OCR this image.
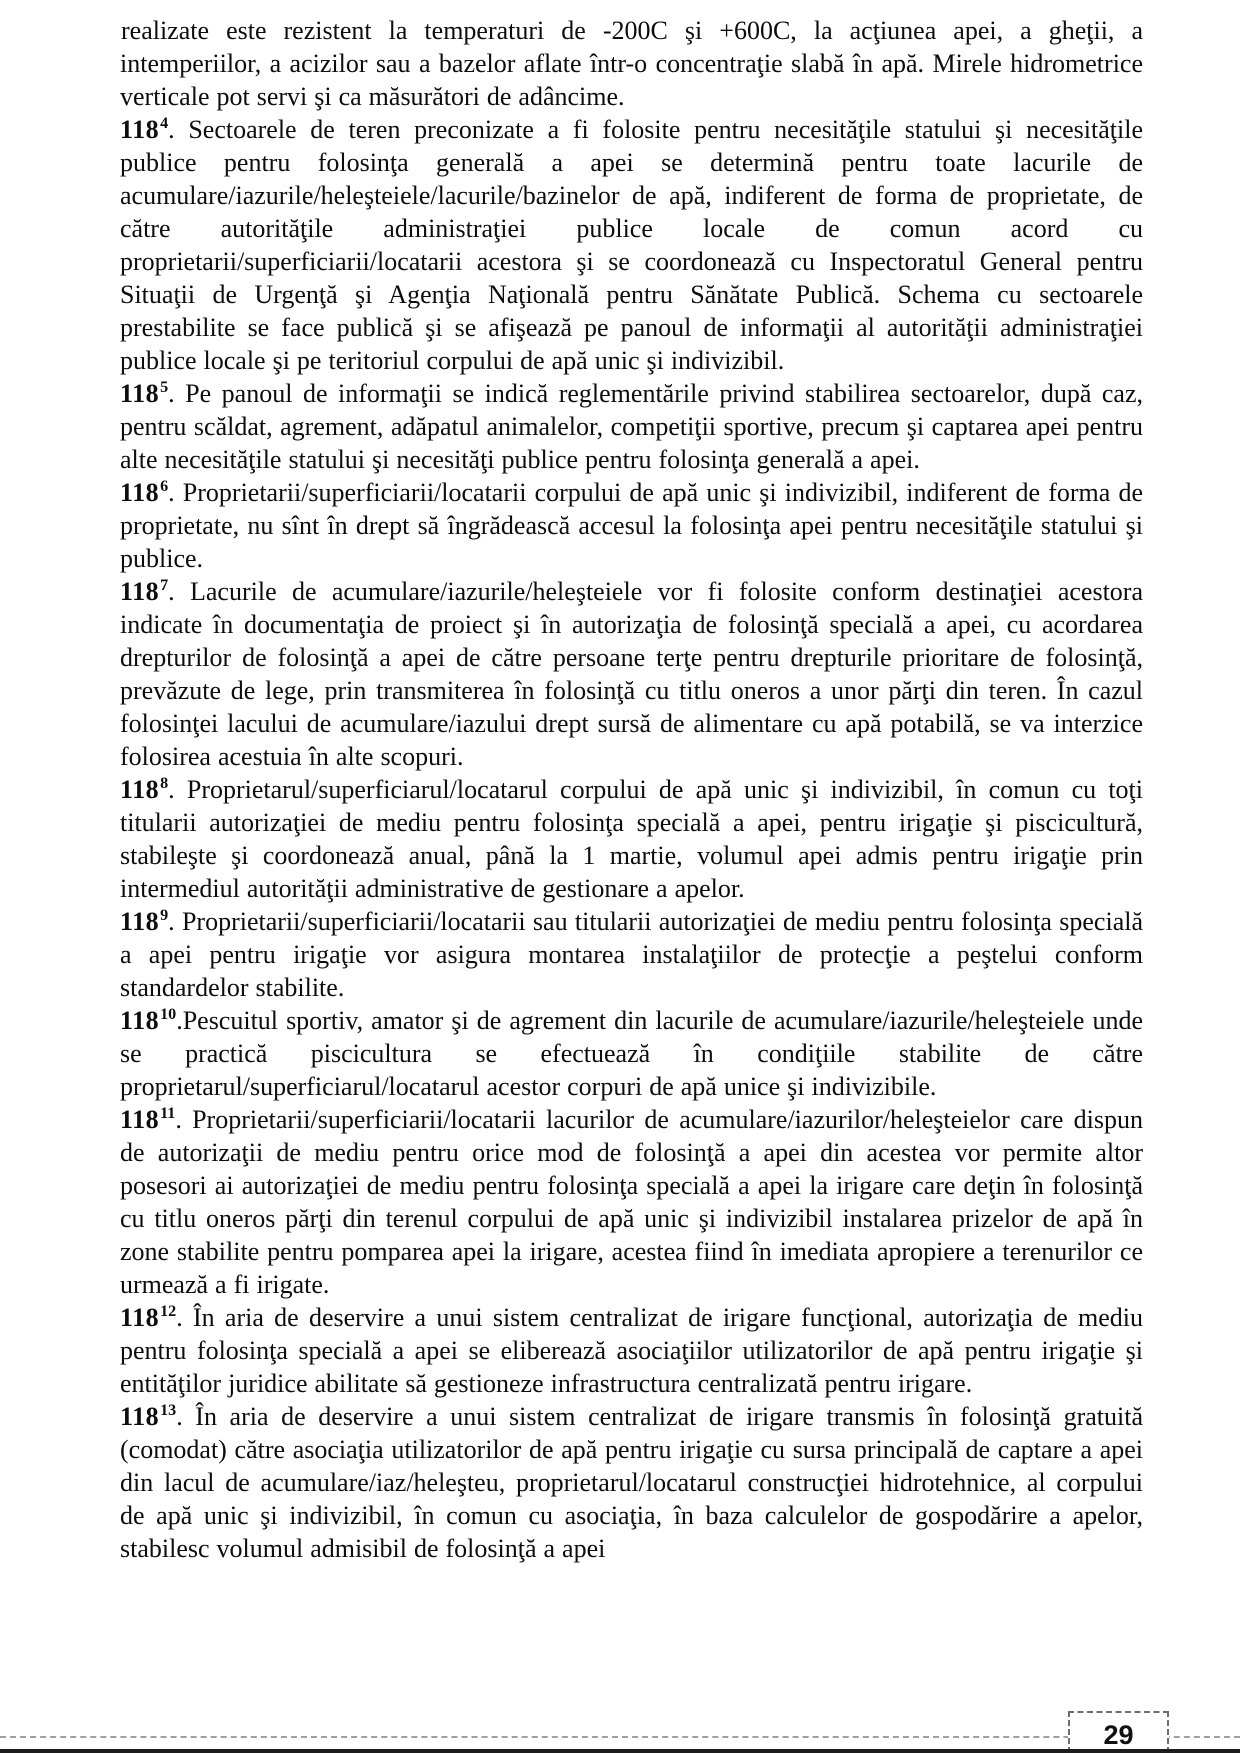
realizate este rezistent la temperaturi de -200C şi +600C, la acţiunea apei, a gheţii, a intemperiilor, a acizilor sau a bazelor aflate într-o concentraţie slabă în apă. Mirele hidrometrice verticale pot servi şi ca măsurători de adâncime.

$118^4$. Sectoarele de teren preconizate a fi folosite pentru necesităţile statului şi necesităţile publice pentru folosinţa generală a apei se determină pentru toate lacurile de acumulare/iazurile/heleşteiele/lacurile/bazinelor de apă, indiferent de forma de proprietate, de către autorităţile administraţiei publice locale de comun acord cu proprietarii/superficiarii/locatarii acestora şi se coordonează cu Inspectoratul General pentru Situaţii de Urgenţă şi Agenţia Naţională pentru Sănătate Publică. Schema cu sectoarele prestabilite se face publică şi se afişează pe panoul de informaţii al autorităţii administraţiei publice locale şi pe teritoriul corpului de apă unic şi indivizibil.

$118^5$. Pe panoul de informaţii se indică reglementările privind stabilirea sectoarelor, după caz, pentru scăldat, agrement, adăpatul animalelor, competiţii sportive, precum şi captarea apei pentru alte necesităţile statului şi necesităţi publice pentru folosinţa generală a apei.

$118^6$. Proprietarii/superficiarii/locatarii corpului de apă unic şi indivizibil, indiferent de forma de proprietate, nu sînt în drept să îngrădească accesul la folosinţa apei pentru necesităţile statului şi publice.

$118^7$. Lacurile de acumulare/iazurile/heleşteiele vor fi folosite conform destinaţiei acestora indicate în documentaţia de proiect şi în autorizaţia de folosinţă specială a apei, cu acordarea drepturilor de folosinţă a apei de către persoane terţe pentru drepturile prioritare de folosinţă, prevăzute de lege, prin transmiterea în folosinţă cu titlu oneros a unor părţi din teren. În cazul folosinţei lacului de acumulare/iazului drept sursă de alimentare cu apă potabilă, se va interzice folosirea acestuia în alte scopuri.

$118^8$. Proprietarul/superficiarul/locatarul corpului de apă unic şi indivizibil, în comun cu toţi titularii autorizaţiei de mediu pentru folosinţa specială a apei, pentru irigaţie şi piscicultură, stabileşte şi coordonează anual, până la 1 martie, volumul apei admis pentru irigaţie prin intermediul autorităţii administrative de gestionare a apelor.

$118^9$. Proprietarii/superficiarii/locatarii sau titularii autorizaţiei de mediu pentru folosinţa specială a apei pentru irigaţie vor asigura montarea instalaţiilor de protecţie a peştelui conform standardelor stabilite.

$118^{10}.Pescuitul$ sportiv, amator şi de agrement din lacurile de acumulare/iazurile/heleşteiele unde se practică piscicultura se efectuează în condiţiile stabilite de către proprietarul/superficiarul/locatarul acestor corpuri de apă unice şi indivizibile.

$118^{11}$. Proprietarii/superficiarii/locatarii lacurilor de acumulare/iazurilor/heleşteielor care dispun de autorizaţii de mediu pentru orice mod de folosinţă a apei din acestea vor permite altor posesori ai autorizaţiei de mediu pentru folosinţa specială a apei la irigare care deţin în folosinţă cu titlu oneros părţi din terenul corpului de apă unic şi indivizibil instalarea prizelor de apă în zone stabilite pentru pomparea apei la irigare, acestea fiind în imediata apropiere a terenurilor ce urmează a fi irigate.

$118^{12}$. În aria de deservire a unui sistem centralizat de irigare funcţional, autorizaţia de mediu pentru folosinţa specială a apei se eliberează asociaţiilor utilizatorilor de apă pentru irigaţie şi entităţilor juridice abilitate să gestioneze infrastructura centralizată pentru irigare.

$118^{13}$. În aria de deservire a unui sistem centralizat de irigare transmis în folosinţă gratuită (comodat) către asociaţia utilizatorilor de apă pentru irigaţie cu sursa principală de captare a apei din lacul de acumulare/iaz/heleşteu, proprietarul/locatarul construcţiei hidrotehnice, al corpului de apă unic şi indivizibil, în comun cu asociaţia, în baza calculelor de gospodărire a apelor, stabilesc volumul admisibil de folosinţă a apei

29
